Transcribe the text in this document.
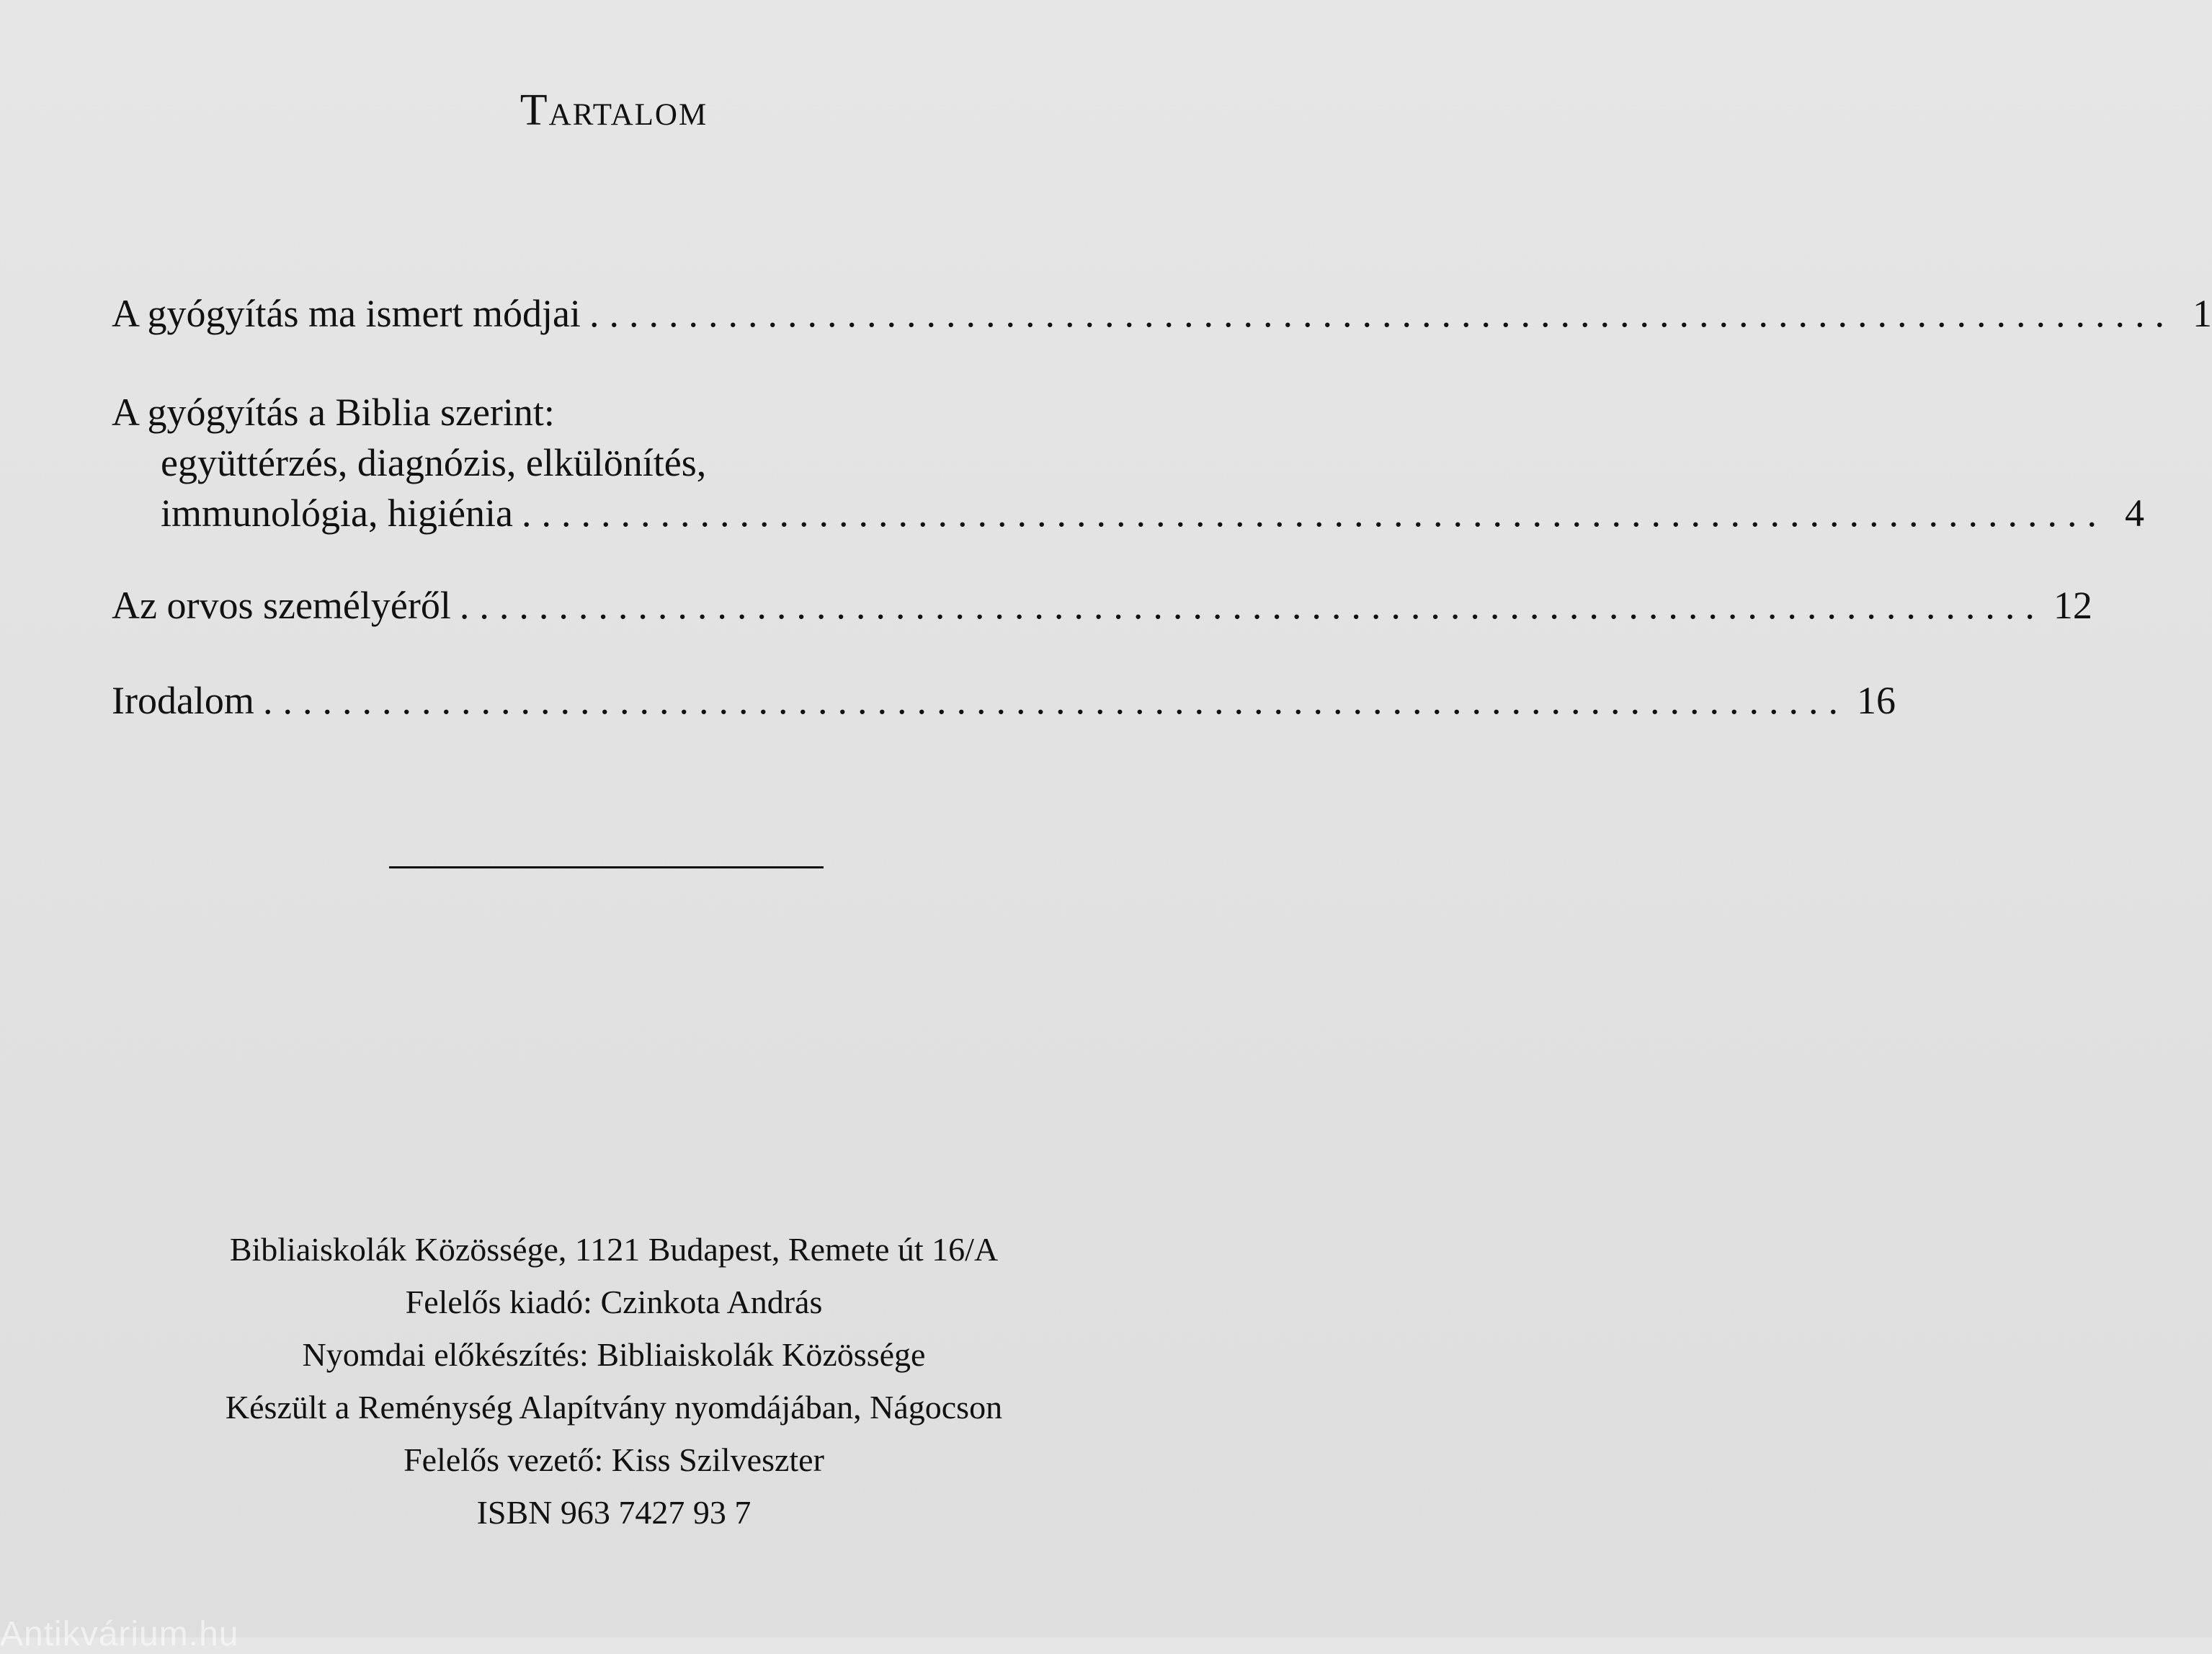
Tartalom
A gyógyítás ma ismert módjai ................................................................................ 1
A gyógyítás a Biblia szerint:
együttérzés, diagnózis, elkülönítés,
immunológia, higiénia ................................................................................ 4
Az orvos személyéről ................................................................................ 12
Irodalom ................................................................................ 16
Bibliaiskolák Közössége, 1121 Budapest, Remete út 16/A
Felelős kiadó: Czinkota András
Nyomdai előkészítés: Bibliaiskolák Közössége
Készült a Reménység Alapítvány nyomdájában, Nágocson
Felelős vezető: Kiss Szilveszter
ISBN 963 7427 93 7
Antikvárium.hu
